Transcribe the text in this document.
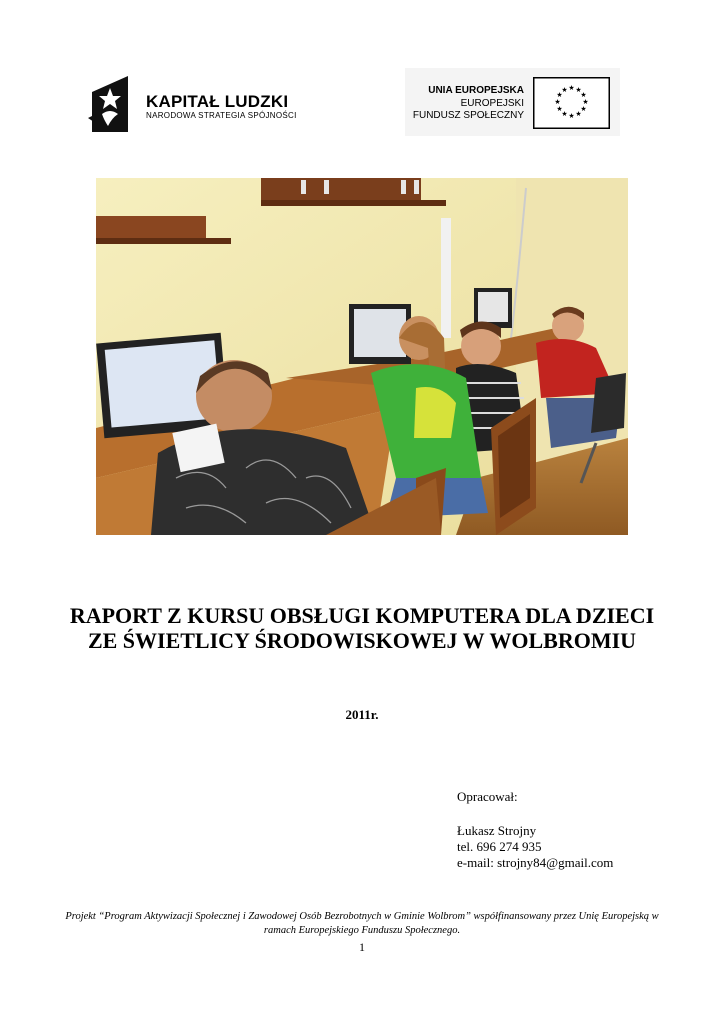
KAPITAŁ LUDZKI
NARODOWA STRATEGIA SPÓJNOŚCI
UNIA EUROPEJSKA
EUROPEJSKI
FUNDUSZ SPOŁECZNY
★ ★
★
★
★
★
★
★
★
★
★
★
RAPORT Z KURSU OBSŁUGI KOMPUTERA DLA DZIECI ZE ŚWIETLICY ŚRODOWISKOWEJ W WOLBROMIU
2011r.
Opracował:
Łukasz Strojny
tel. 696 274 935
e-mail: strojny84@gmail.com
Projekt “Program Aktywizacji Społecznej i Zawodowej Osób Bezrobotnych w Gminie Wolbrom” współfinansowany przez Unię Europejską w ramach Europejskiego Funduszu Społecznego.
1
